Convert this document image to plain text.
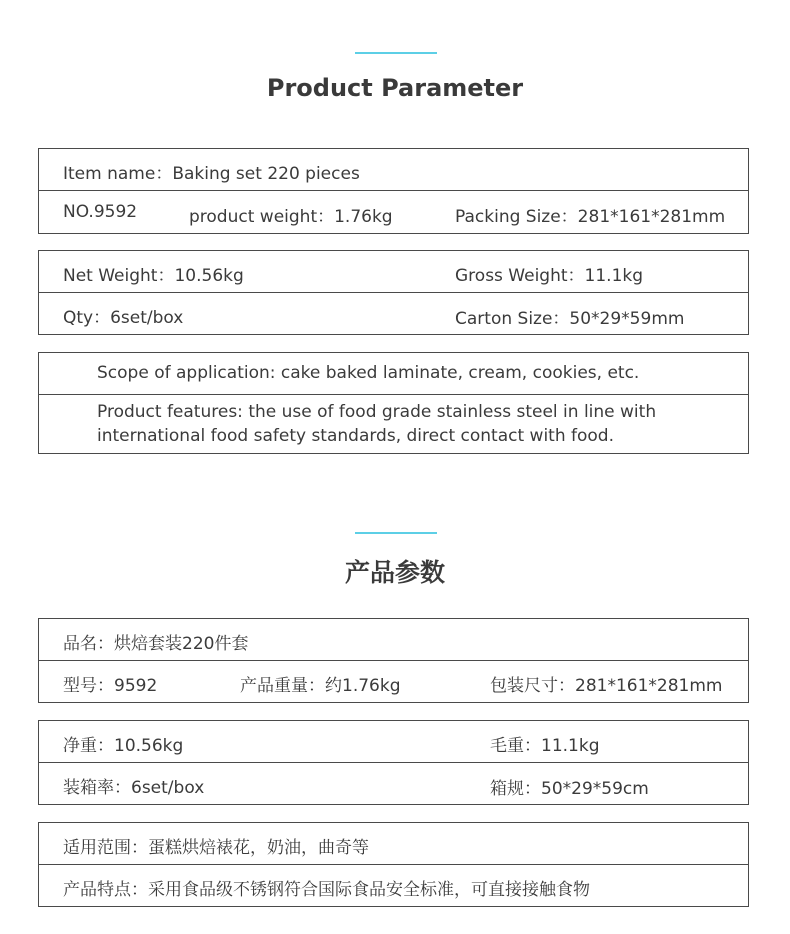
Product Parameter
Item name：Baking set 220 pieces
NO.9592	product weight：1.76kg	Packing Size：281*161*281mm
Net Weight：10.56kg	Gross Weight：11.1kg
Qty：6set/box	Carton Size：50*29*59mm
Scope of application: cake baked laminate, cream, cookies, etc.
Product features: the use of food grade stainless steel in line with international food safety standards, direct contact with food.
产品参数
品名：烘焙套装220件套
型号：9592	产品重量：约1.76kg	包装尺寸：281*161*281mm
净重：10.56kg	毛重：11.1kg
装箱率：6set/box	箱规：50*29*59cm
适用范围：蛋糕烘焙裱花，奶油，曲奇等
产品特点：采用食品级不锈钢符合国际食品安全标准，可直接接触食物
